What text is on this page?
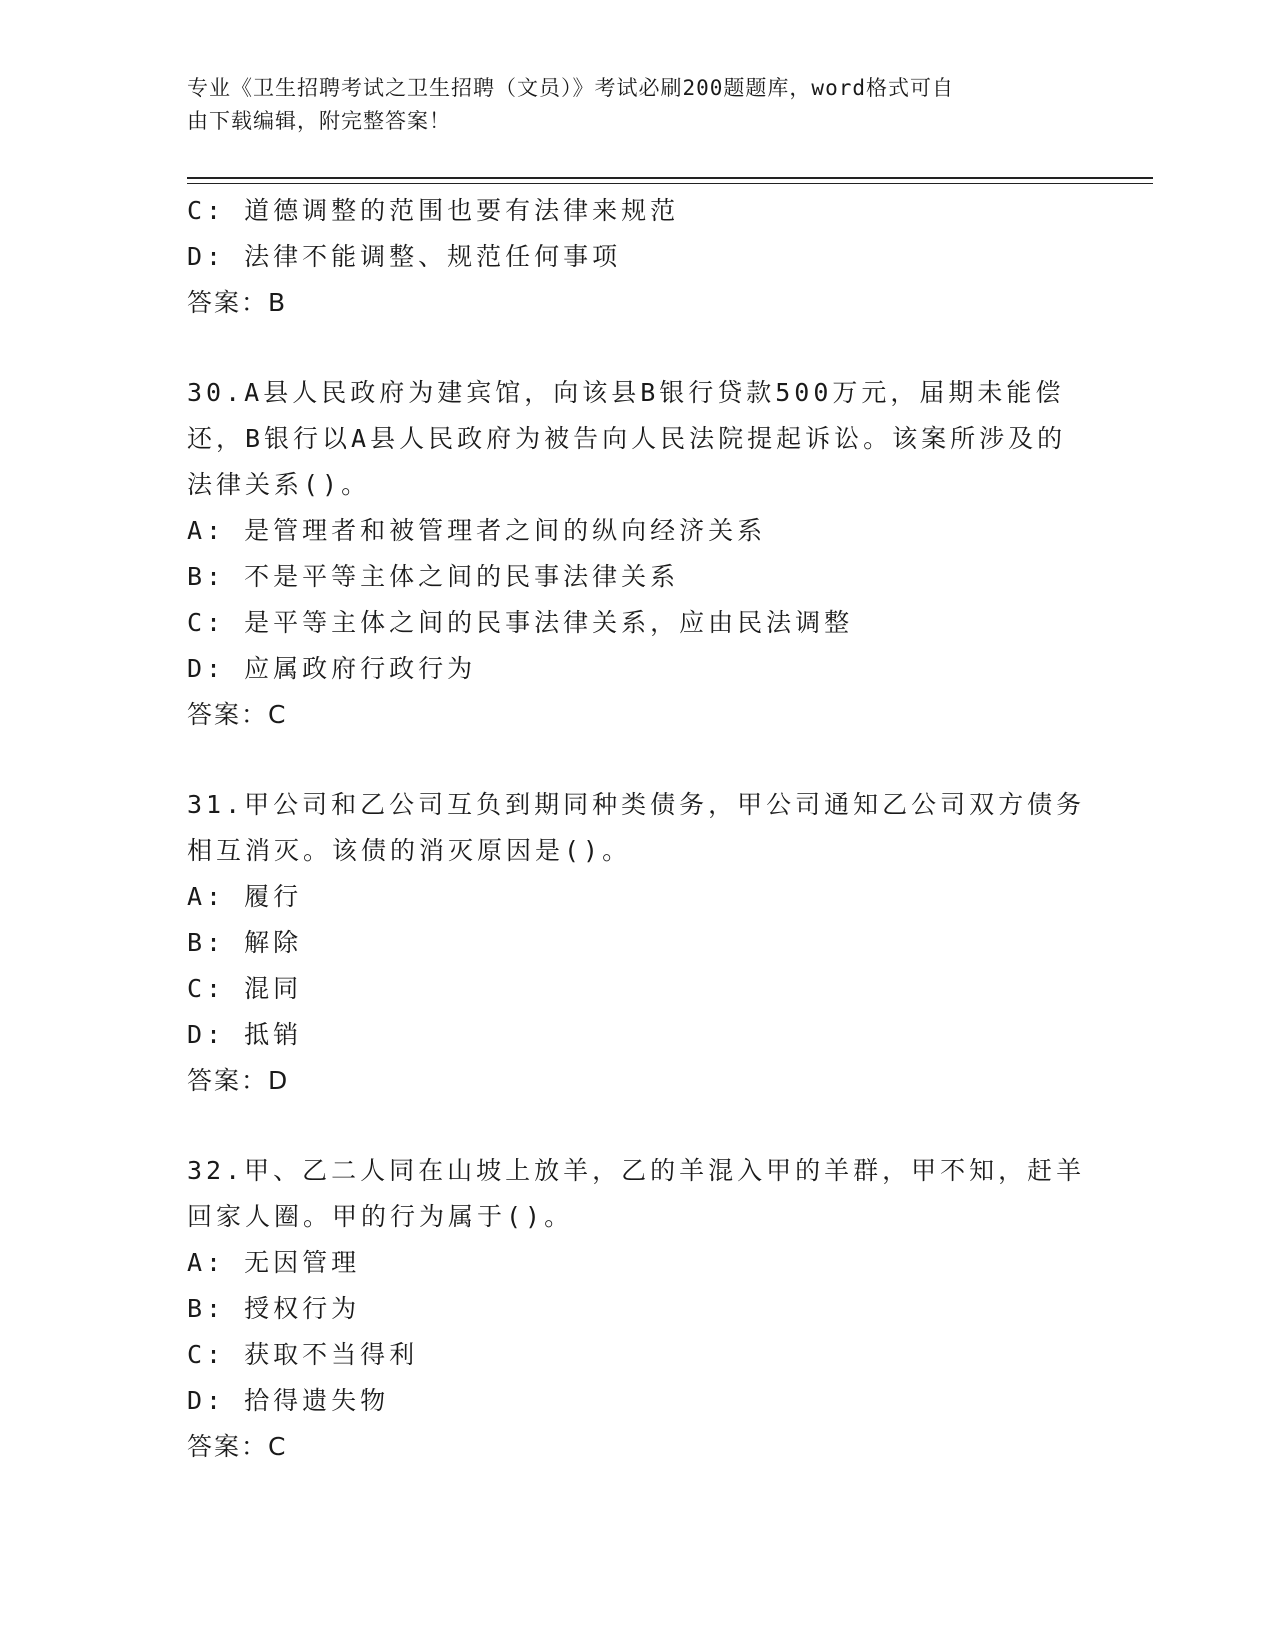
专业《卫生招聘考试之卫生招聘（文员）》考试必刷200题题库，word格式可自
由下载编辑，附完整答案！
C: 道德调整的范围也要有法律来规范
D: 法律不能调整、规范任何事项
答案：B
30.A县人民政府为建宾馆，向该县B银行贷款500万元，届期未能偿
还，B银行以A县人民政府为被告向人民法院提起诉讼。该案所涉及的
法律关系()。
A: 是管理者和被管理者之间的纵向经济关系
B: 不是平等主体之间的民事法律关系
C: 是平等主体之间的民事法律关系，应由民法调整
D: 应属政府行政行为
答案：C
31.甲公司和乙公司互负到期同种类债务，甲公司通知乙公司双方债务
相互消灭。该债的消灭原因是()。
A: 履行
B: 解除
C: 混同
D: 抵销
答案：D
32.甲、乙二人同在山坡上放羊，乙的羊混入甲的羊群，甲不知，赶羊
回家人圈。甲的行为属于()。
A: 无因管理
B: 授权行为
C: 获取不当得利
D: 拾得遗失物
答案：C
